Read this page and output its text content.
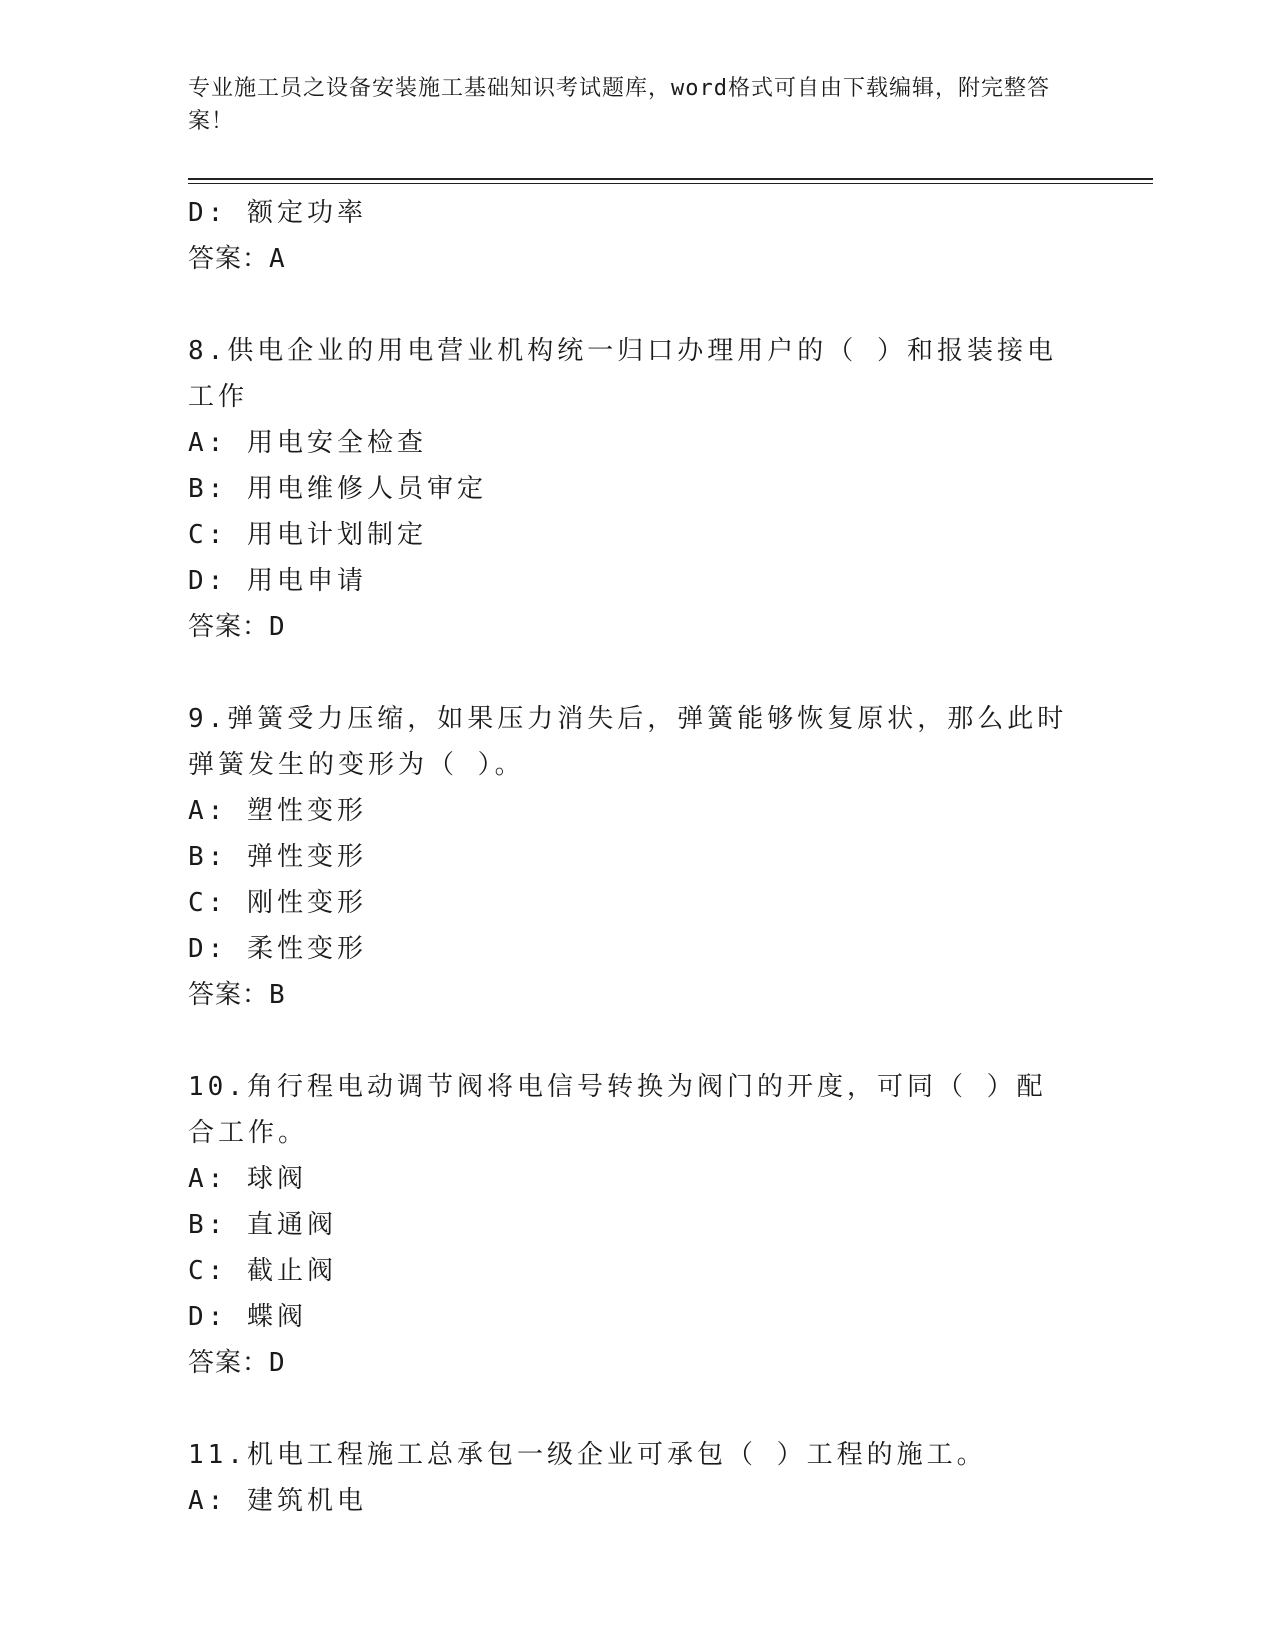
专业施工员之设备安装施工基础知识考试题库，word格式可自由下载编辑，附完整答案！
D: 额定功率
答案：A
8.供电企业的用电营业机构统一归口办理用户的（ ）和报装接电工作
A: 用电安全检查
B: 用电维修人员审定
C: 用电计划制定
D: 用电申请
答案：D
9.弹簧受力压缩，如果压力消失后，弹簧能够恢复原状，那么此时弹簧发生的变形为（ ）。
A: 塑性变形
B: 弹性变形
C: 刚性变形
D: 柔性变形
答案：B
10.角行程电动调节阀将电信号转换为阀门的开度，可同（ ）配合工作。
A: 球阀
B: 直通阀
C: 截止阀
D: 蝶阀
答案：D
11.机电工程施工总承包一级企业可承包（ ）工程的施工。
A: 建筑机电
